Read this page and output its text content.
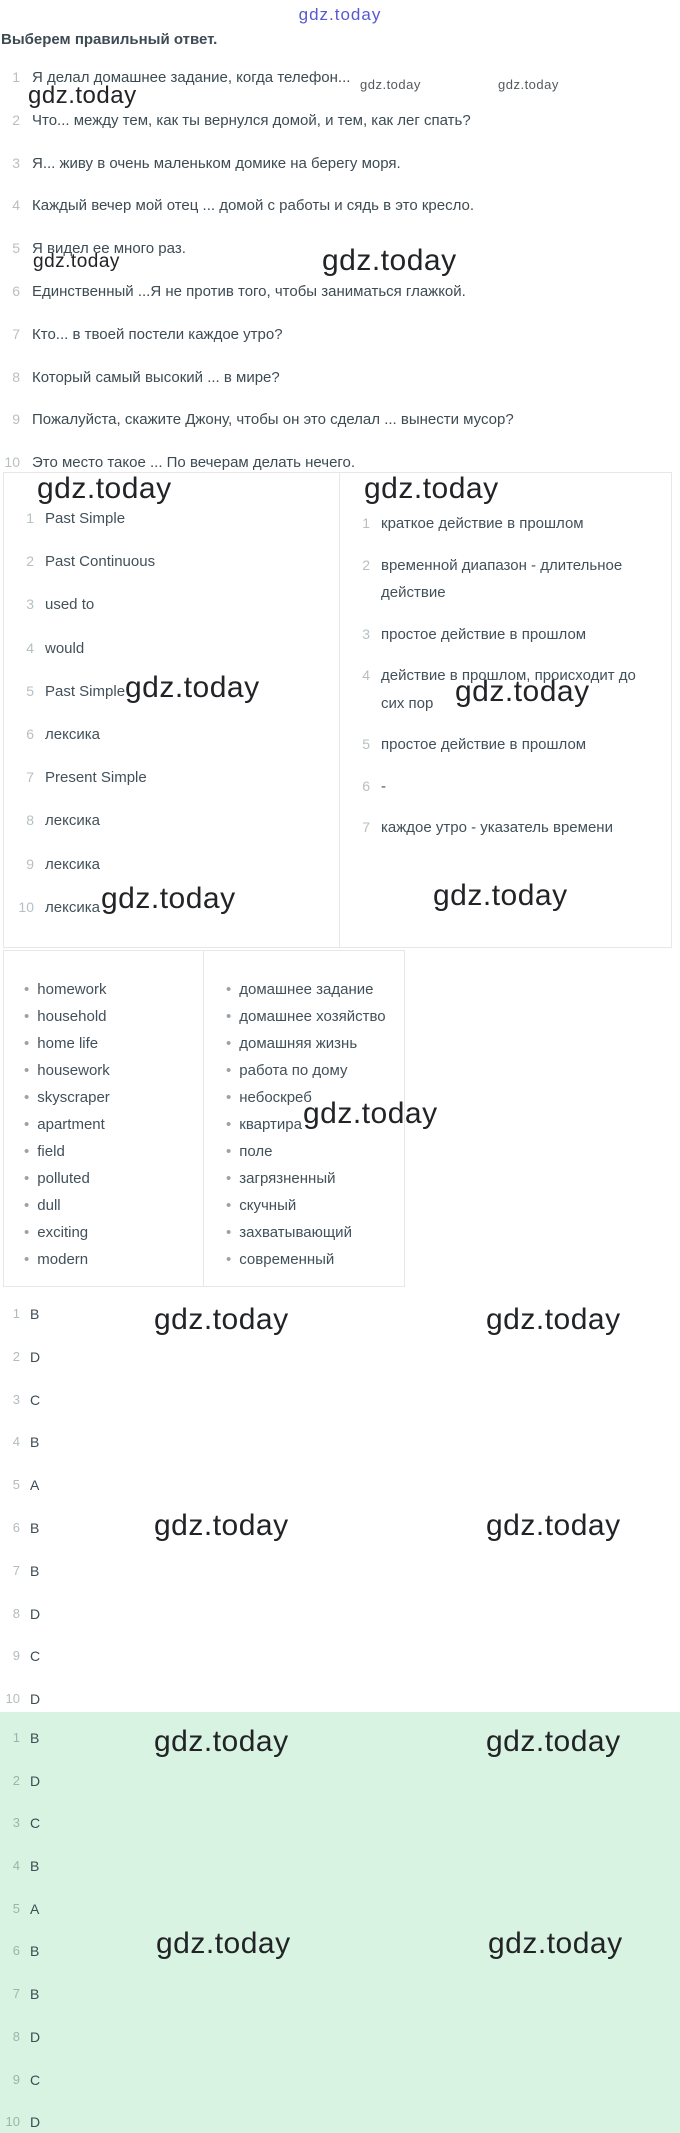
gdz.today
Выберем правильный ответ.
1 Я делал домашнее задание, когда телефон...
2 Что... между тем, как ты вернулся домой, и тем, как лег спать?
3 Я... живу в очень маленьком домике на берегу моря.
4 Каждый вечер мой отец ... домой с работы и сядь в это кресло.
5 Я видел ее много раз.
6 Единственный ...Я не против того, чтобы заниматься глажкой.
7 Кто... в твоей постели каждое утро?
8 Который самый высокий ... в мире?
9 Пожалуйста, скажите Джону, чтобы он это сделал ... вынести мусор?
10 Это место такое ... По вечерам делать нечего.
1 Past Simple
2 Past Continuous
3 used to
4 would
5 Past Simple
6 лексика
7 Present Simple
8 лексика
9 лексика
10 лексика
1 краткое действие в прошлом
2 временной диапазон - длительное действие
3 простое действие в прошлом
4 действие в прошлом, происходит до сих пор
5 простое действие в прошлом
6 -
7 каждое утро - указатель времени
• homework
• household
• home life
• housework
• skyscraper
• apartment
• field
• polluted
• dull
• exciting
• modern
• домашнее задание
• домашнее хозяйство
• домашняя жизнь
• работа по дому
• небоскреб
• квартира
• поле
• загрязненный
• скучный
• захватывающий
• современный
1 B
2 D
3 C
4 B
5 A
6 B
7 B
8 D
9 C
10 D
1 B
2 D
3 C
4 B
5 A
6 B
7 B
8 D
9 C
10 D
gdz.today	gdz.today
gdz.today
gdz.today	gdz.today
gdz.today	gdz.today
gdz.today	gdz.today
gdz.today	gdz.today
gdz.today
gdz.today	gdz.today
gdz.today	gdz.today
gdz.today	gdz.today
gdz.today	gdz.today
